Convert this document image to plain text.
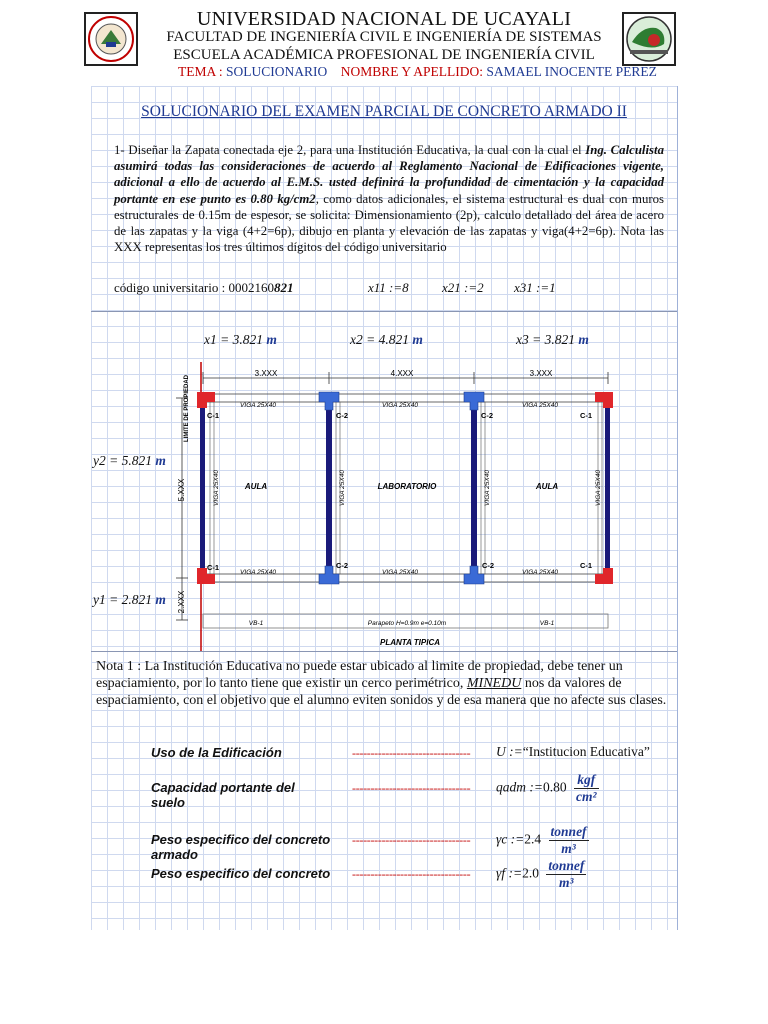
UNIVERSIDAD NACIONAL DE UCAYALI
FACULTAD DE INGENIERÍA CIVIL E INGENIERÍA DE SISTEMAS
ESCUELA ACADÉMICA PROFESIONAL DE INGENIERÍA CIVIL
TEMA : SOLUCIONARIO NOMBRE Y APELLIDO: SAMAEL INOCENTE PEREZ
SOLUCIONARIO DEL EXAMEN PARCIAL DE CONCRETO ARMADO II
1- Diseñar la Zapata conectada eje 2, para una Institución Educativa, la cual con la cual el Ing. Calculista asumirá todas las consideraciones de acuerdo al Reglamento Nacional de Edificaciones vigente, adicional a ello de acuerdo al E.M.S. usted definirá la profundidad de cimentación y la capacidad portante en ese punto es 0.80 kg/cm2, como datos adicionales, el sistema estructural es dual con muros estructurales de 0.15m de espesor, se solicita: Dimensionamiento (2p), calculo detallado del área de acero de las zapatas y la viga (4+2=6p), dibujo en planta y elevación de las zapatas y viga(4+2=6p). Nota las XXX representas los tres últimos dígitos del código universitario
código universitario : 0002160821	x11 :=8	x21 :=2 x31 :=1
x1 = 3.821 m	x2 = 4.821 m	x3 = 3.821 m
y2 = 5.821 m
y1 = 2.821 m
LIMITE DE PROPIEDAD
3.XXX	4.XXX	3.XXX
5.XXX
2.XXX
VIGA 25X40	VIGA 25X40	VIGA 25X40
VIGA 25X40	VIGA 25X40	VIGA 25X40
VIGA 25X40	VIGA 25X40	VIGA 25X40	VIGA 25X40
AULA	LABORATORIO	AULA
C-1	C-1
C-1	C-1
C-2	C-2
C-2	C-2
VB-1	Parapeto H=0.9m e=0.10m	VB-1
PLANTA TIPICA
Nota 1 : La Institución Educativa no puede estar ubicado al limite de propiedad, debe tener un espaciamiento, por lo tanto tiene que existir un cerco perimétrico, MINEDU nos da valores de espaciamiento, con el objetivo que el alumno eviten sonidos y de esa manera que no afecte sus clases.
Uso de la Edificación	-------------------------------- U :=“Institucion Educativa”
Capacidad portante del suelo
-------------------------------- qadm :=0.80 $\frac{\text{kgf}}{\text{cm²}}$
Peso especifico del concreto armado
-------------------------------- γc :=2.4 $\frac{\text{tonnef}}{\text{m³}}$
Peso especifico del concreto -------------------------------- γf :=2.0 $\frac{\text{tonnef}}{\text{m³}}$
